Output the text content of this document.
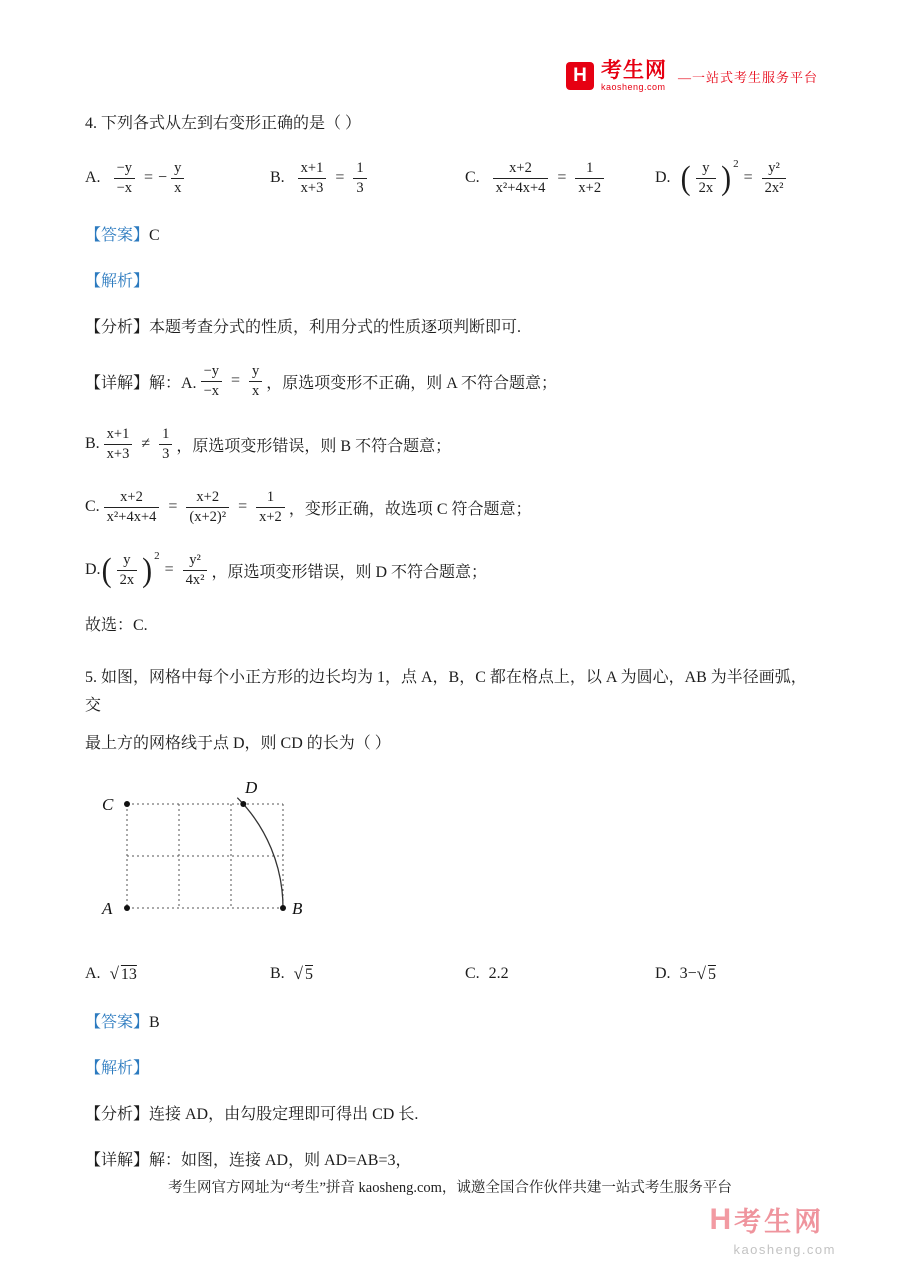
H 考生网
kaosheng.com
—一站式考生服务平台

4. 下列各式从左到右变形正确的是（ ）

A. $\frac{-y}{-x}$ = − $\frac{y}{x}$	B. $\frac{x+1}{x+3} = \frac{1}{3}$	C. $\frac{x+2}{\text{x²+4x+4}} = \frac{1}{x+2}$	D. ( $\frac{y}{2x}$ ) 2
= $\frac{\text{y²}}{\text{2x²}}$

【答案】C

【解析】

【分析】本题考查分式的性质，利用分式的性质逐项判断即可.

【详解】解：A. $\frac{-y}{-x} = \frac{y}{x}$ ，原选项变形不正确，则 A 不符合题意；
B. $\frac{x+1}{x+3} \ne \frac{1}{3}$ ，原选项变形错误，则 B 不符合题意；
C. $\frac{x+2}{\text{x²+4x+4}} = \frac{x+2}{\text{(x+2)²}} = \frac{1}{x+2}$ ，变形正确，故选项 C 符合题意；
D. ( $\frac{y}{2x}$ ) 2
= $\frac{\text{y²}}{\text{4x²}}$ ，原选项变形错误，则 D 不符合题意；

故选：C.

5. 如图，网格中每个小正方形的边长均为 1，点 A，B，C 都在格点上，以 A 为圆心，AB 为半径画弧，交

最上方的网格线于点 D，则 CD 的长为（ ）

C
A	B
D
A. √ 13	B. √ 5	C. 2.2	D. 3− √ 5

【答案】B

【解析】

【分析】连接 AD，由勾股定理即可得出 CD 长.

【详解】解：如图，连接 AD，则 AD=AB=3，

考生网官方网址为“考生”拼音 kaosheng.com，诚邀全国合作伙伴共建一站式考生服务平台
H 考生网
kaosheng.com
